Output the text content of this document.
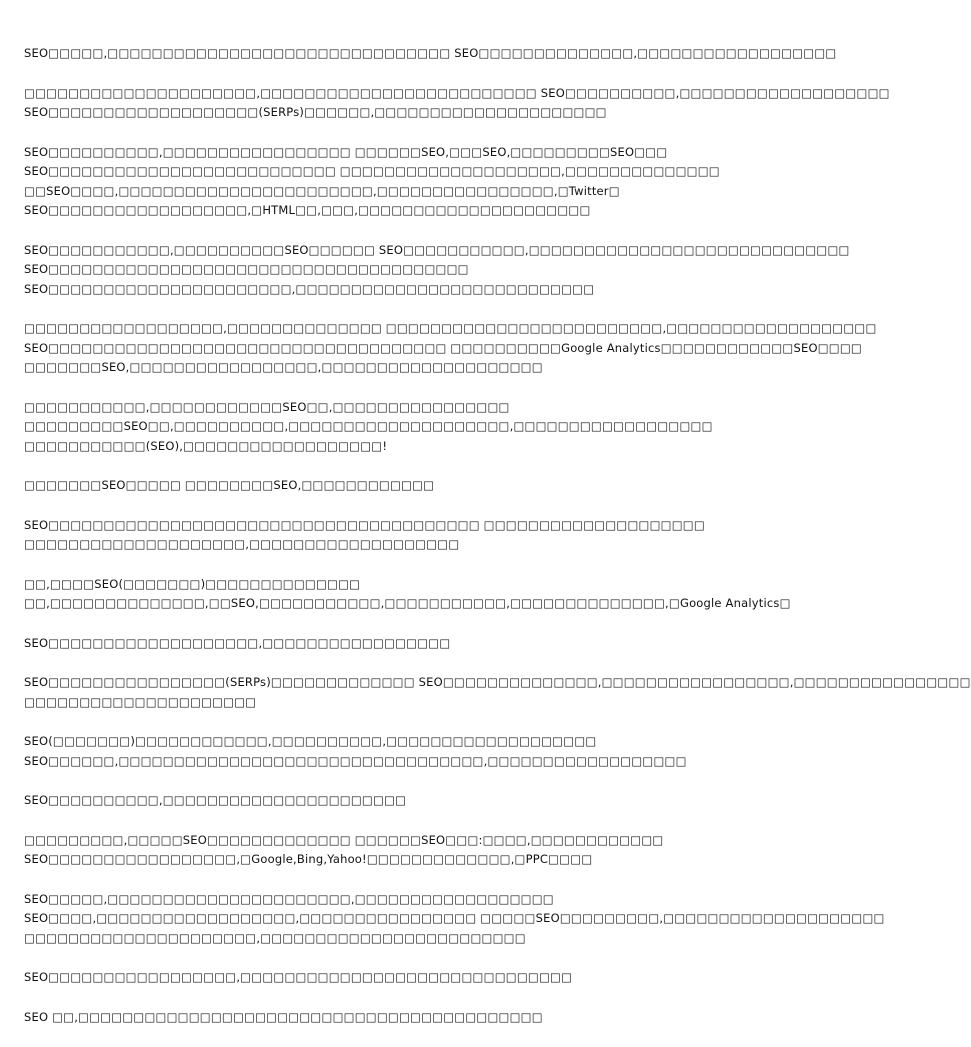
SEO□□□□□,□□□□□□□□□□□□□□□□□□□□□□□□□□□□□□□ SEO□□□□□□□□□□□□□□,□□□□□□□□□□□□□□□□□□
□□□□□□□□□□□□□□□□□□□□□,□□□□□□□□□□□□□□□□□□□□□□□□□ SEO□□□□□□□□□□,□□□□□□□□□□□□□□□□□□□
SEO□□□□□□□□□□□□□□□□□□□(SERPs)□□□□□□,□□□□□□□□□□□□□□□□□□□□□
SEO□□□□□□□□□□,□□□□□□□□□□□□□□□□□ □□□□□□SEO,□□□SEO,□□□□□□□□□SEO□□□
SEO□□□□□□□□□□□□□□□□□□□□□□□□□□ □□□□□□□□□□□□□□□□□□□□,□□□□□□□□□□□□□□
□□SEO□□□□,□□□□□□□□□□□□□□□□□□□□□□□,□□□□□□□□□□□□□□□□,□Twitter□
SEO□□□□□□□□□□□□□□□□□□,□HTML□□,□□□,□□□□□□□□□□□□□□□□□□□□□
SEO□□□□□□□□□□□,□□□□□□□□□□SEO□□□□□□ SEO□□□□□□□□□□□,□□□□□□□□□□□□□□□□□□□□□□□□□□□□□
SEO□□□□□□□□□□□□□□□□□□□□□□□□□□□□□□□□□□□□□□
SEO□□□□□□□□□□□□□□□□□□□□□□,□□□□□□□□□□□□□□□□□□□□□□□□□□□
□□□□□□□□□□□□□□□□□□,□□□□□□□□□□□□□□ □□□□□□□□□□□□□□□□□□□□□□□□□,□□□□□□□□□□□□□□□□□□□
SEO□□□□□□□□□□□□□□□□□□□□□□□□□□□□□□□□□□□□ □□□□□□□□□□Google Analytics□□□□□□□□□□□□SEO□□□□
□□□□□□□SEO,□□□□□□□□□□□□□□□□□,□□□□□□□□□□□□□□□□□□□□
□□□□□□□□□□□,□□□□□□□□□□□□SEO□□,□□□□□□□□□□□□□□□□
□□□□□□□□□SEO□□,□□□□□□□□□□,□□□□□□□□□□□□□□□□□□□□,□□□□□□□□□□□□□□□□□□
□□□□□□□□□□□(SEO),□□□□□□□□□□□□□□□□□□!
□□□□□□□SEO□□□□□ □□□□□□□□SEO,□□□□□□□□□□□□
SEO□□□□□□□□□□□□□□□□□□□□□□□□□□□□□□□□□□□□□□□ □□□□□□□□□□□□□□□□□□□□
□□□□□□□□□□□□□□□□□□□□,□□□□□□□□□□□□□□□□□□□
□□,□□□□SEO(□□□□□□□)□□□□□□□□□□□□□□
□□,□□□□□□□□□□□□□□,□□SEO,□□□□□□□□□□□,□□□□□□□□□□□,□□□□□□□□□□□□□□,□Google Analytics□
SEO□□□□□□□□□□□□□□□□□□□,□□□□□□□□□□□□□□□□□
SEO□□□□□□□□□□□□□□□□(SERPs)□□□□□□□□□□□□□ SEO□□□□□□□□□□□□□□,□□□□□□□□□□□□□□□□□,□□□□□□□□□□□□□□□□
□□□□□□□□□□□□□□□□□□□□□
SEO(□□□□□□□)□□□□□□□□□□□□,□□□□□□□□□□,□□□□□□□□□□□□□□□□□□□
SEO□□□□□□,□□□□□□□□□□□□□□□□□□□□□□□□□□□□□□□□□,□□□□□□□□□□□□□□□□□□
SEO□□□□□□□□□□,□□□□□□□□□□□□□□□□□□□□□□
□□□□□□□□□,□□□□□SEO□□□□□□□□□□□□□ □□□□□□SEO□□□:□□□□,□□□□□□□□□□□□
SEO□□□□□□□□□□□□□□□□□,□Google,Bing,Yahoo!□□□□□□□□□□□□□,□PPC□□□□
SEO□□□□□,□□□□□□□□□□□□□□□□□□□□□□,□□□□□□□□□□□□□□□□□□
SEO□□□□,□□□□□□□□□□□□□□□□□□,□□□□□□□□□□□□□□□□ □□□□□SEO□□□□□□□□□,□□□□□□□□□□□□□□□□□□□□
□□□□□□□□□□□□□□□□□□□□□,□□□□□□□□□□□□□□□□□□□□□□□□
SEO□□□□□□□□□□□□□□□□□,□□□□□□□□□□□□□□□□□□□□□□□□□□□□□□
SEO □□,□□□□□□□□□□□□□□□□□□□□□□□□□□□□□□□□□□□□□□□□□□
